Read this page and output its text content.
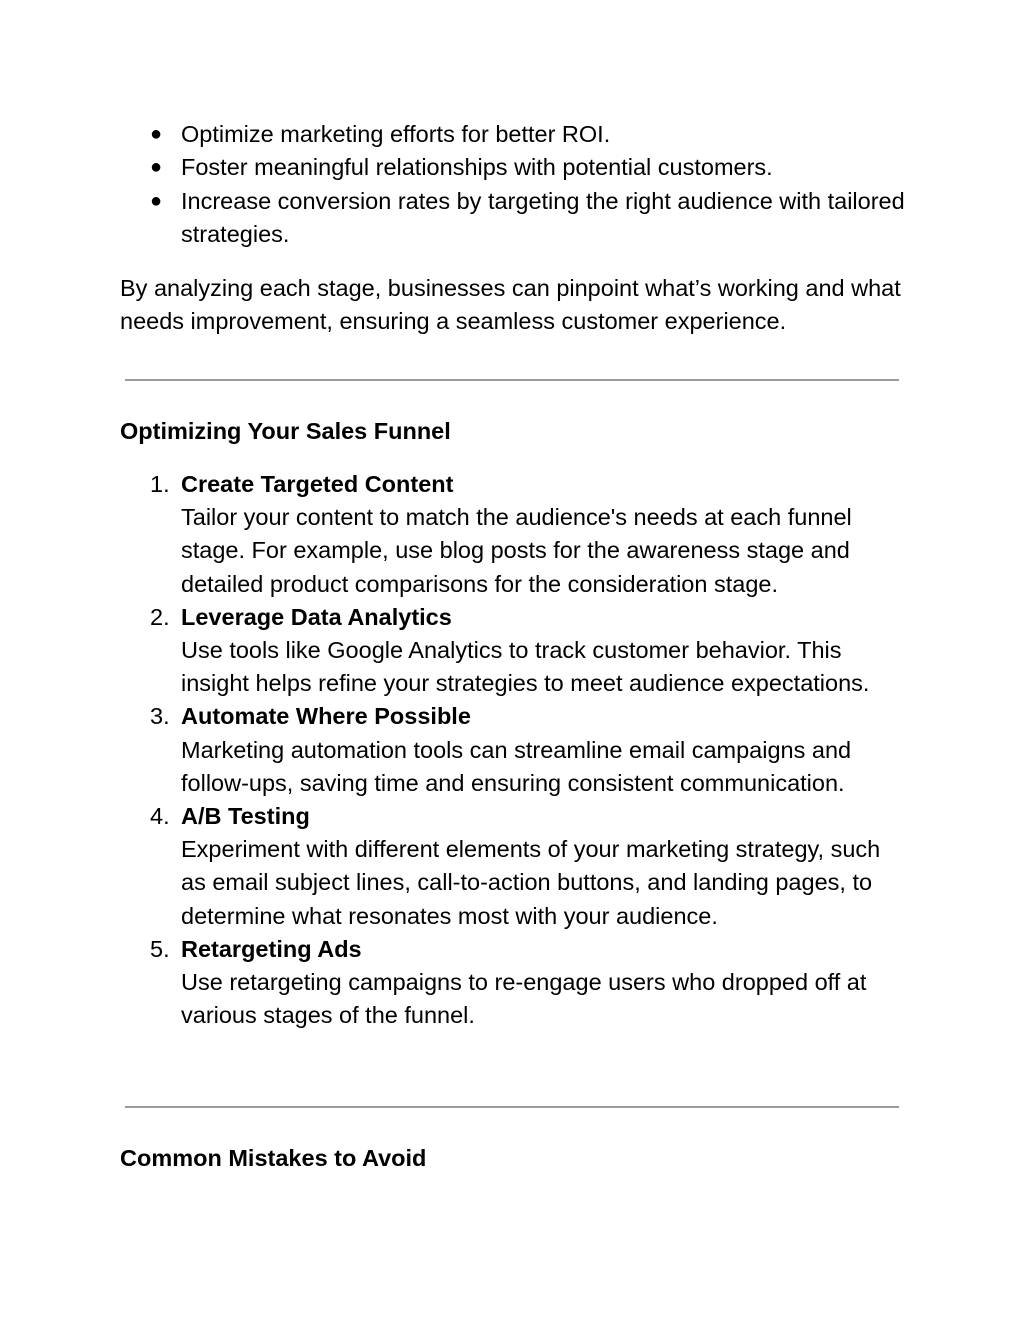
● Optimize marketing efforts for better ROI.
● Foster meaningful relationships with potential customers.
● Increase conversion rates by targeting the right audience with tailored strategies.

By analyzing each stage, businesses can pinpoint what’s working and what needs improvement, ensuring a seamless customer experience.

Optimizing Your Sales Funnel
1. Create Targeted Content
Tailor your content to match the audience's needs at each funnel stage. For example, use blog posts for the awareness stage and detailed product comparisons for the consideration stage.
2. Leverage Data Analytics
Use tools like Google Analytics to track customer behavior. This insight helps refine your strategies to meet audience expectations.
3. Automate Where Possible
Marketing automation tools can streamline email campaigns and follow-ups, saving time and ensuring consistent communication.
4. A/B Testing
Experiment with different elements of your marketing strategy, such as email subject lines, call-to-action buttons, and landing pages, to determine what resonates most with your audience.
5. Retargeting Ads
Use retargeting campaigns to re-engage users who dropped off at various stages of the funnel.
Common Mistakes to Avoid
